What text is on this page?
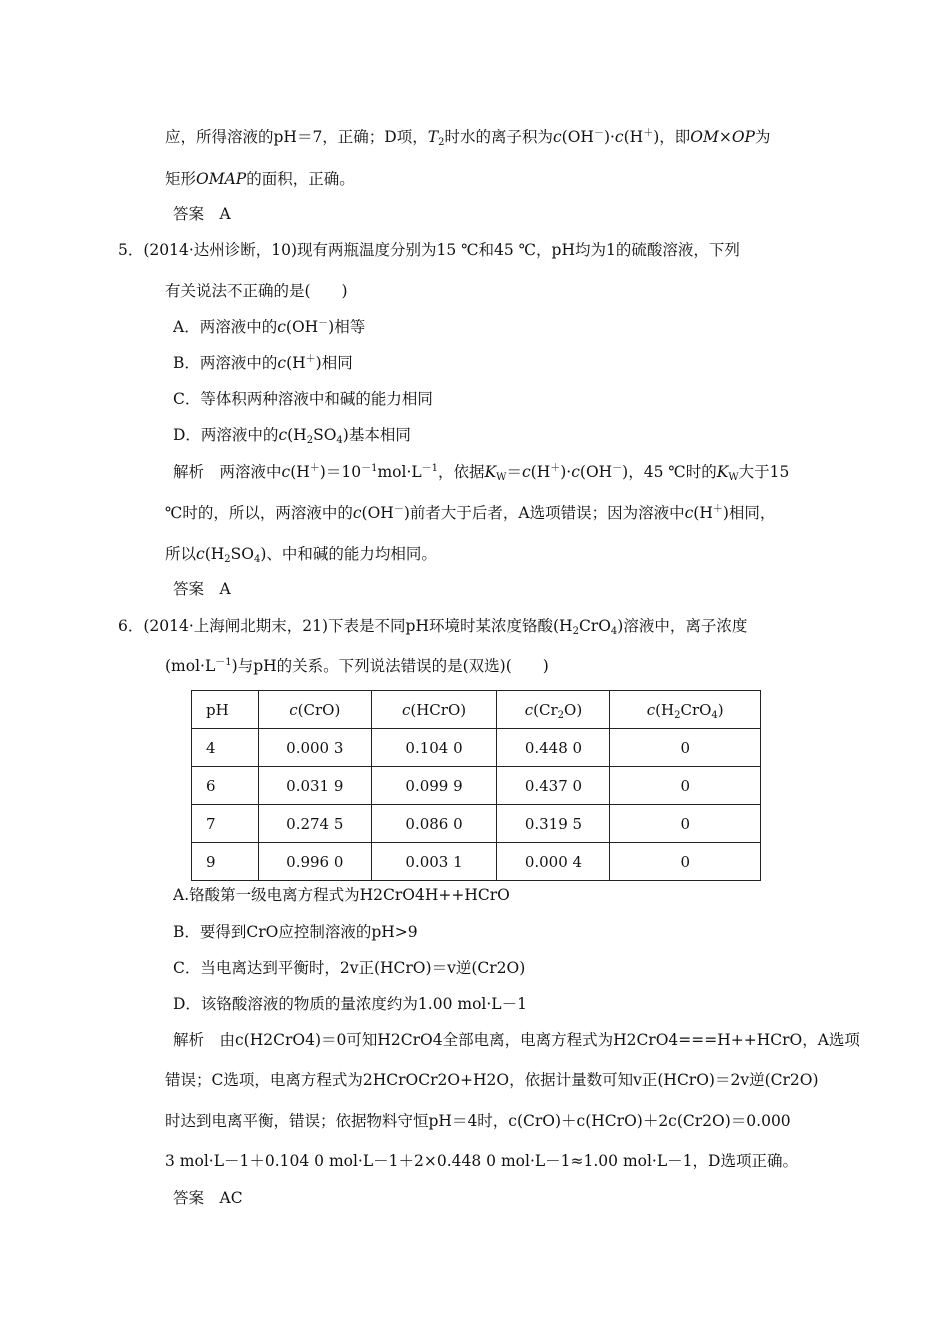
应，所得溶液的pH＝7，正确；D项，$T_2$时水的离子积为c(OH－)·c(H＋)，即OM×OP为
矩形OMAP的面积，正确。
答案　A
5．(2014·达州诊断，10)现有两瓶温度分别为15 ℃和45 ℃，pH均为1的硫酸溶液，下列
有关说法不正确的是(　　)
A．两溶液中的c(OH－)相等
B．两溶液中的c(H＋)相同
C．等体积两种溶液中和碱的能力相同
D．两溶液中的$c(H_2SO_4)$基本相同
解析　两溶液中$c(H^+)=10^{-1}mol\cdot L^{-1}$，依据$K_W=c(H^+)\cdot c(OH^-)$，45 ℃时的$K_W$大于15
℃时的，所以，两溶液中的c(OH－)前者大于后者，A选项错误；因为溶液中c(H＋)相同，
所以$c(H_2SO_4)$、中和碱的能力均相同。
答案　A
6．(2014·上海闸北期末，21)下表是不同pH环境时某浓度铬酸$(H_2CrO_4)$溶液中，离子浓度
$(mol\cdot L^{-1})$与pH的关系。下列说法错误的是(双选)(　　)
pH	c(CrO)	c(HCrO)	$c(Cr_2O)$	$c(H_2CrO_4)$
4	0.000 3	0.104 0	0.448 0	0
6	0.031 9	0.099 9	0.437 0	0
7	0.274 5	0.086 0	0.319 5	0
9	0.996 0	0.003 1	0.000 4	0
A.铬酸第一级电离方程式为H2CrO4H++HCrO
B．要得到CrO应控制溶液的pH>9
C．当电离达到平衡时，2v正(HCrO)＝v逆(Cr2O)
D．该铬酸溶液的物质的量浓度约为1.00 mol·L－1
解析　由c(H2CrO4)＝0可知H2CrO4全部电离，电离方程式为H2CrO4===H++HCrO，A选项
错误；C选项，电离方程式为2HCrOCr2O+H2O，依据计量数可知v正(HCrO)＝2v逆(Cr2O)
时达到电离平衡，错误；依据物料守恒pH＝4时，c(CrO)＋c(HCrO)＋2c(Cr2O)＝0.000
3 mol·L－1＋0.104 0 mol·L－1＋2×0.448 0 mol·L－1≈1.00 mol·L－1，D选项正确。
答案　AC
